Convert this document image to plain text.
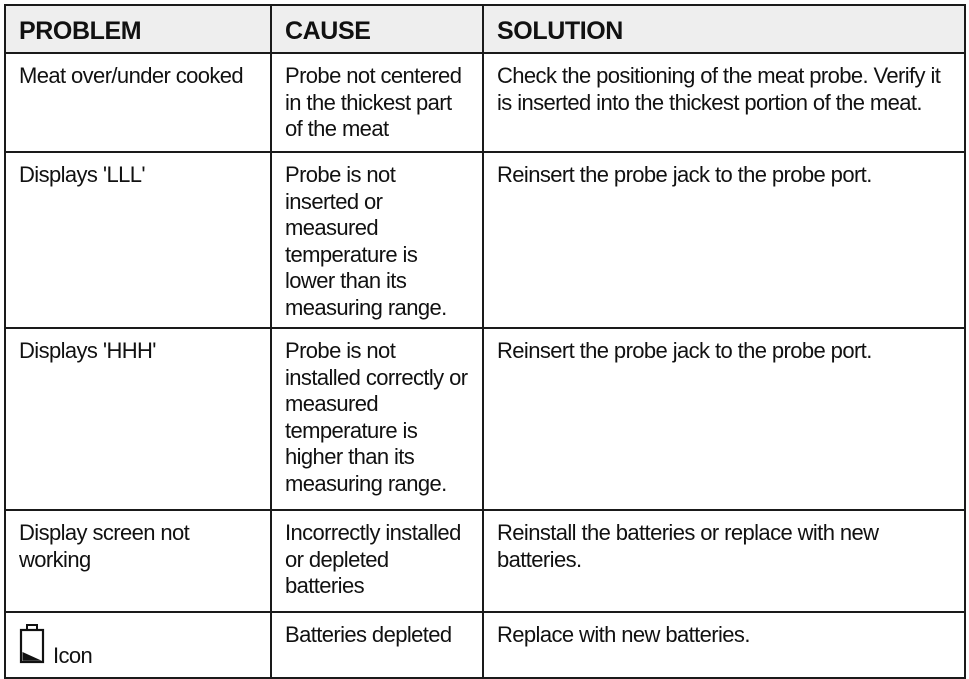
PROBLEM	CAUSE	SOLUTION
Meat over/under cooked	Probe not centered in the thickest part of the meat	Check the positioning of the meat probe. Verify it is inserted into the thickest portion of the meat.
Displays 'LLL'	Probe is not inserted or measured temperature is lower than its measuring range.	Reinsert the probe jack to the probe port.
Displays 'HHH'	Probe is not installed correctly or measured temperature is higher than its measuring range.	Reinsert the probe jack to the probe port.
Display screen not working	Incorrectly installed or depleted batteries	Reinstall the batteries or replace with new batteries.

Icon	Batteries depleted	Replace with new batteries.
